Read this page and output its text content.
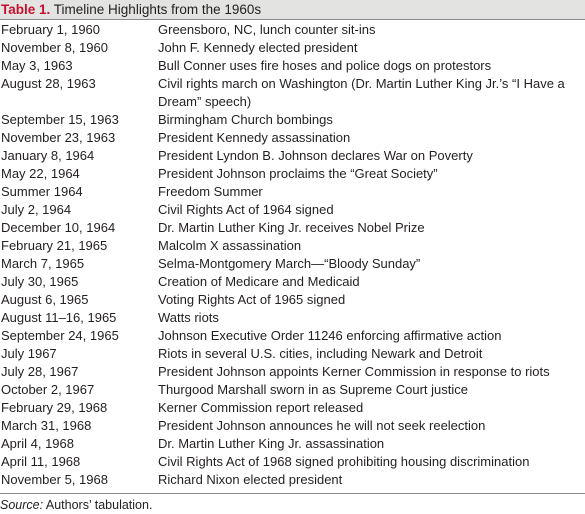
Table 1. Timeline Highlights from the 1960s
February 1, 1960	Greensboro, NC, lunch counter sit-ins
November 8, 1960	John F. Kennedy elected president
May 3, 1963	Bull Conner uses fire hoses and police dogs on protestors
August 28, 1963	Civil rights march on Washington (Dr. Martin Luther King Jr.’s “I Have a Dream” speech)
September 15, 1963	Birmingham Church bombings
November 23, 1963	President Kennedy assassination
January 8, 1964	President Lyndon B. Johnson declares War on Poverty
May 22, 1964	President Johnson proclaims the “Great Society”
Summer 1964	Freedom Summer
July 2, 1964	Civil Rights Act of 1964 signed
December 10, 1964	Dr. Martin Luther King Jr. receives Nobel Prize
February 21, 1965	Malcolm X assassination
March 7, 1965	Selma-Montgomery March—“Bloody Sunday”
July 30, 1965	Creation of Medicare and Medicaid
August 6, 1965	Voting Rights Act of 1965 signed
August 11–16, 1965	Watts riots
September 24, 1965	Johnson Executive Order 11246 enforcing affirmative action
July 1967	Riots in several U.S. cities, including Newark and Detroit
July 28, 1967	President Johnson appoints Kerner Commission in response to riots
October 2, 1967	Thurgood Marshall sworn in as Supreme Court justice
February 29, 1968	Kerner Commission report released
March 31, 1968	President Johnson announces he will not seek reelection
April 4, 1968	Dr. Martin Luther King Jr. assassination
April 11, 1968	Civil Rights Act of 1968 signed prohibiting housing discrimination
November 5, 1968	Richard Nixon elected president
Source: Authors’ tabulation.
